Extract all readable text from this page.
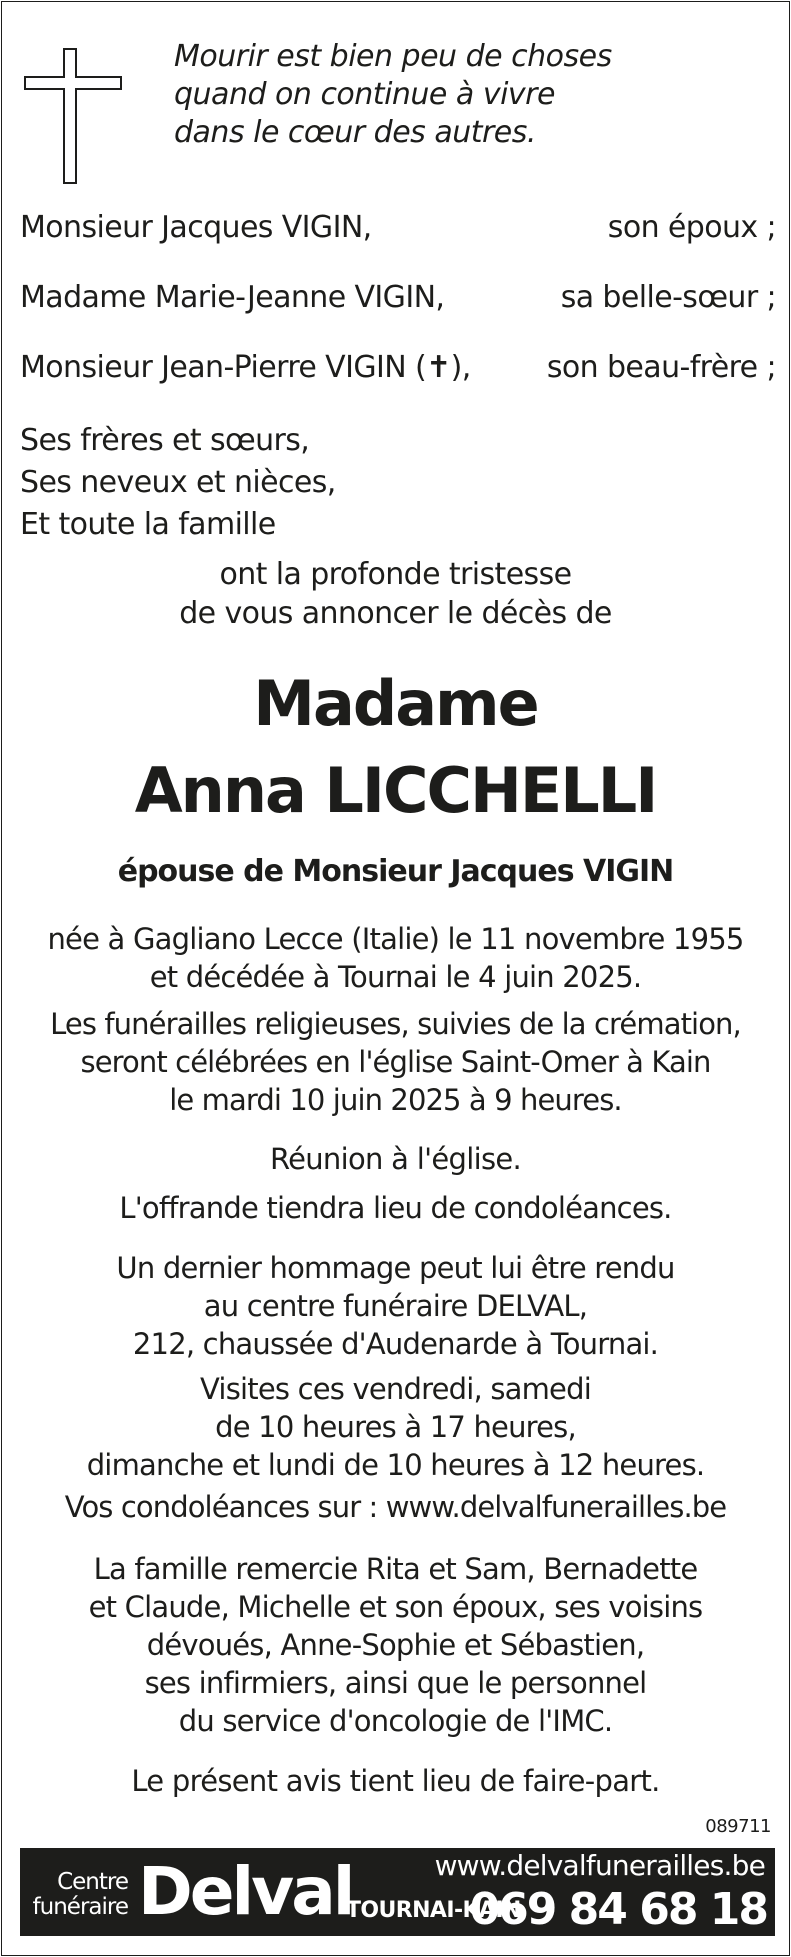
Mourir est bien peu de choses
quand on continue à vivre
dans le cœur des autres.
Monsieur Jacques VIGIN,	son époux ;
Madame Marie-Jeanne VIGIN,	sa belle-sœur ;
Monsieur Jean-Pierre VIGIN (✝),	son beau-frère ;
Ses frères et sœurs,
Ses neveux et nièces,
Et toute la famille
ont la profonde tristesse
de vous annoncer le décès de
Madame
Anna LICCHELLI
épouse de Monsieur Jacques VIGIN
née à Gagliano Lecce (Italie) le 11 novembre 1955
et décédée à Tournai le 4 juin 2025.
Les funérailles religieuses, suivies de la crémation,
seront célébrées en l'église Saint-Omer à Kain
le mardi 10 juin 2025 à 9 heures.
Réunion à l'église.
L'offrande tiendra lieu de condoléances.
Un dernier hommage peut lui être rendu
au centre funéraire DELVAL,
212, chaussée d'Audenarde à Tournai.
Visites ces vendredi, samedi
de 10 heures à 17 heures,
dimanche et lundi de 10 heures à 12 heures.
Vos condoléances sur : www.delvalfunerailles.be
La famille remercie Rita et Sam, Bernadette
et Claude, Michelle et son époux, ses voisins
dévoués, Anne-Sophie et Sébastien,
ses infirmiers, ainsi que le personnel
du service d'oncologie de l'IMC.
Le présent avis tient lieu de faire-part.
089711
Centre
funéraire Delval	www.delvalfunerailles.be
TOURNAI-KAIN
069 84 68 18
